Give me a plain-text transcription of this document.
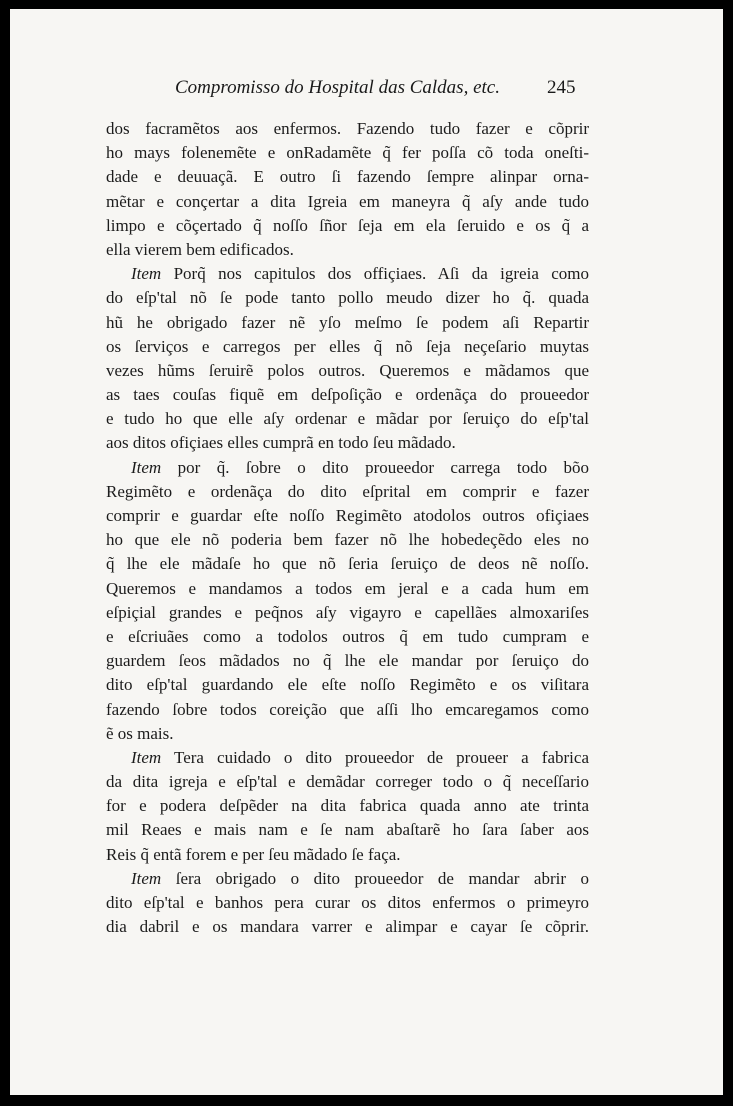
Compromisso do Hospital das Caldas, etc. 245
dos facramẽtos aos enfermos. Fazendo tudo fazer e cõprir
ho mays folenemẽte e onRadamẽte q̃ fer poſſa cõ toda oneſti-
dade e deuuaçã. E outro ſi fazendo ſempre alinpar orna-
mẽtar e conçertar a dita Igreia em maneyra q̃ aſy ande tudo
limpo e cõçertado q̃ noſſo ſñor ſeja em ela ſeruido e os q̃ a
ella vierem bem edificados.
Item Porq̃ nos capitulos dos offiçiaes. Aſi da igreia como
do eſp'tal nõ ſe pode tanto pollo meudo dizer ho q̃. quada
hũ he obrigado fazer nẽ yſo meſmo ſe podem aſi Repartir
os ſerviços e carregos per elles q̃ nõ ſeja neçeſario muytas
vezes hũms ſeruirẽ polos outros. Queremos e mãdamos que
as taes couſas fiquẽ em deſpoſição e ordenãça do proueedor
e tudo ho que elle aſy ordenar e mãdar por ſeruiço do eſp'tal
aos ditos ofiçiaes elles cumprã en todo ſeu mãdado.
Item por q̃. ſobre o dito proueedor carrega todo bõo
Regimẽto e ordenãça do dito eſprital em comprir e fazer
comprir e guardar eſte noſſo Regimẽto atodolos outros ofiçiaes
ho que ele nõ poderia bem fazer nõ lhe hobedeçẽdo eles no
q̃ lhe ele mãdaſe ho que nõ ſeria ſeruiço de deos nẽ noſſo.
Queremos e mandamos a todos em jeral e a cada hum em
eſpiçial grandes e peq̃nos aſy vigayro e capellães almoxariſes
e eſcriuães como a todolos outros q̃ em tudo cumpram e
guardem ſeos mãdados no q̃ lhe ele mandar por ſeruiço do
dito eſp'tal guardando ele eſte noſſo Regimẽto e os viſitara
fazendo ſobre todos coreição que aſſi lho emcaregamos como
ẽ os mais.
Item Tera cuidado o dito proueedor de proueer a fabrica
da dita igreja e eſp'tal e demãdar correger todo o q̃ neceſſario
for e podera deſpẽder na dita fabrica quada anno ate trinta
mil Reaes e mais nam e ſe nam abaſtarẽ ho ſara ſaber aos
Reis q̃ entã forem e per ſeu mãdado ſe faça.
Item ſera obrigado o dito proueedor de mandar abrir o
dito eſp'tal e banhos pera curar os ditos enfermos o primeyro
dia dabril e os mandara varrer e alimpar e cayar ſe cõprir.
